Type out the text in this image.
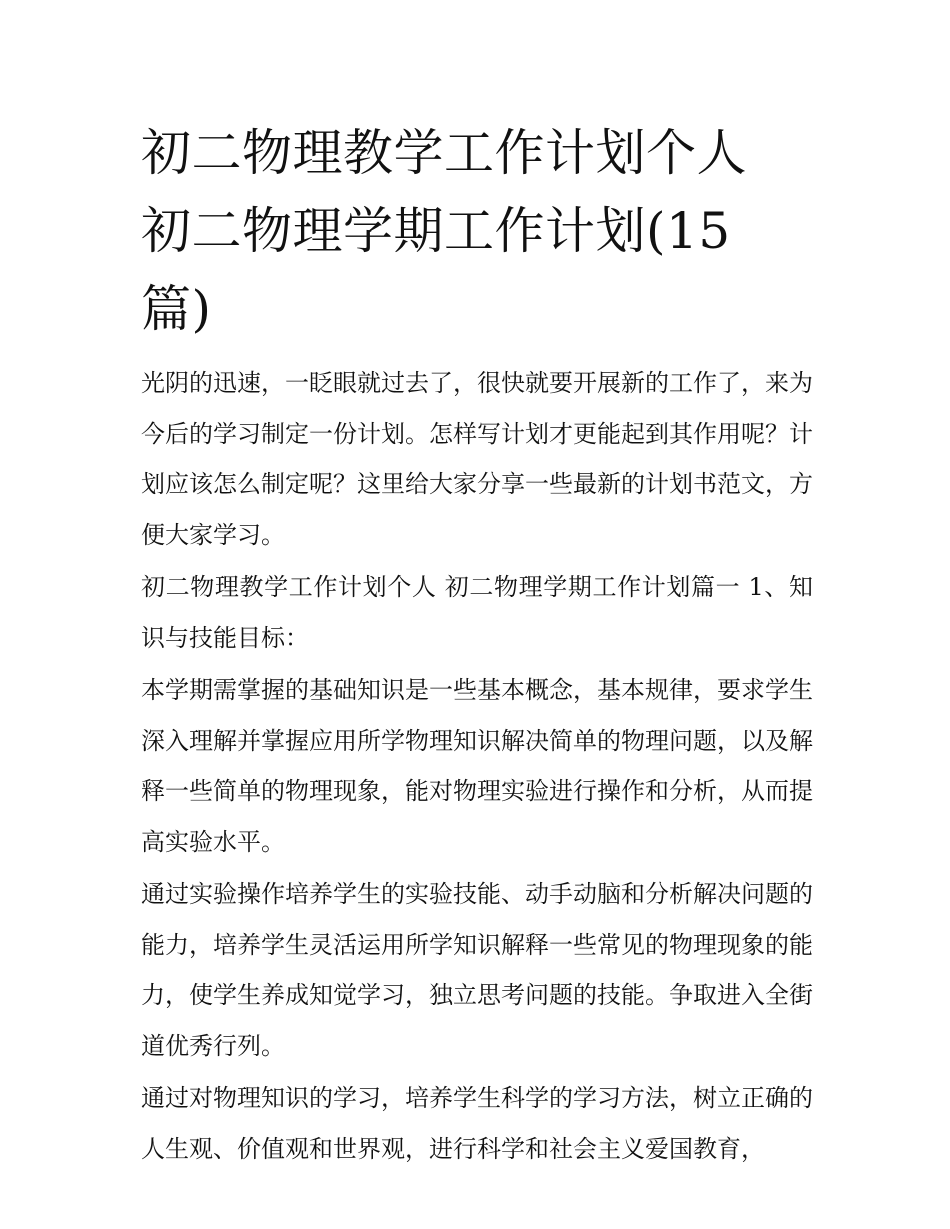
初二物理教学工作计划个人 初二物理学期工作计划(15 篇)

光阴的迅速，一眨眼就过去了，很快就要开展新的工作了，来为今后的学习制定一份计划。怎样写计划才更能起到其作用呢？计划应该怎么制定呢？这里给大家分享一些最新的计划书范文，方便大家学习。

初二物理教学工作计划个人 初二物理学期工作计划篇一 1、知识与技能目标：

本学期需掌握的基础知识是一些基本概念，基本规律，要求学生深入理解并掌握应用所学物理知识解决简单的物理问题，以及解释一些简单的物理现象，能对物理实验进行操作和分析，从而提高实验水平。

通过实验操作培养学生的实验技能、动手动脑和分析解决问题的能力，培养学生灵活运用所学知识解释一些常见的物理现象的能力，使学生养成知觉学习，独立思考问题的技能。争取进入全街道优秀行列。

通过对物理知识的学习，培养学生科学的学习方法，树立正确的人生观、价值观和世界观，进行科学和社会主义爱国教育，
